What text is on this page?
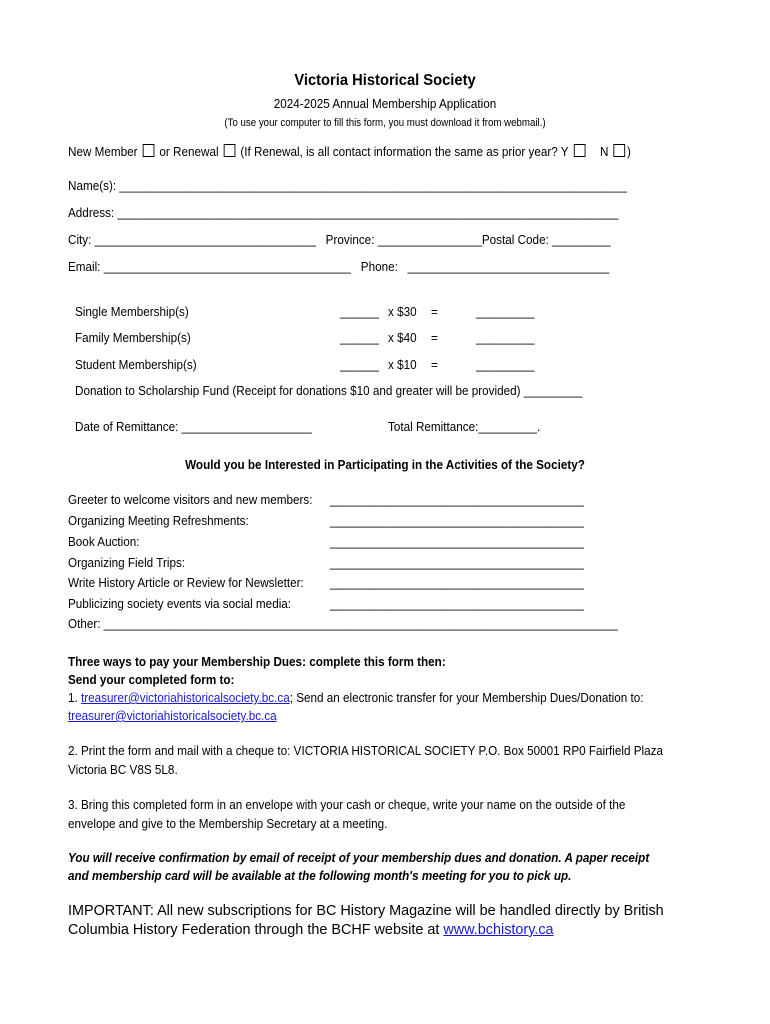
Victoria Historical Society
2024-2025 Annual Membership Application
(To use your computer to fill this form, you must download it from webmail.)
New Member or Renewal (If Renewal, is all contact information the same as prior year? Y N )
Name(s): ______________________________________________________________________________
Address: _____________________________________________________________________________
City: __________________________________ Province: ________________Postal Code: _________
Email: ______________________________________ Phone: _______________________________
Single Membership(s)	______ x $30 =	_________
Family Membership(s)	______ x $40 =	_________
Student Membership(s)	______ x $10 =	_________
Donation to Scholarship Fund (Receipt for donations $10 and greater will be provided) _________
Date of Remittance: ____________________	Total Remittance:_________.
Would you be Interested in Participating in the Activities of the Society?
Greeter to welcome visitors and new members: _______________________________________
Organizing Meeting Refreshments:	_______________________________________
Book Auction:	_______________________________________
Organizing Field Trips:	_______________________________________
Write History Article or Review for Newsletter: _______________________________________
Publicizing society events via social media:	_______________________________________
Other: _______________________________________________________________________________
Three ways to pay your Membership Dues: complete this form then:
Send your completed form to:
1. treasurer@victoriahistoricalsociety.bc.ca; Send an electronic transfer for your Membership Dues/Donation to:
treasurer@victoriahistoricalsociety.bc.ca
2. Print the form and mail with a cheque to: VICTORIA HISTORICAL SOCIETY P.O. Box 50001 RP0 Fairfield Plaza
Victoria BC V8S 5L8.
3. Bring this completed form in an envelope with your cash or cheque, write your name on the outside of the
envelope and give to the Membership Secretary at a meeting.
You will receive confirmation by email of receipt of your membership dues and donation. A paper receipt
and membership card will be available at the following month's meeting for you to pick up.
IMPORTANT: All new subscriptions for BC History Magazine will be handled directly by British
Columbia History Federation through the BCHF website at www.bchistory.ca
